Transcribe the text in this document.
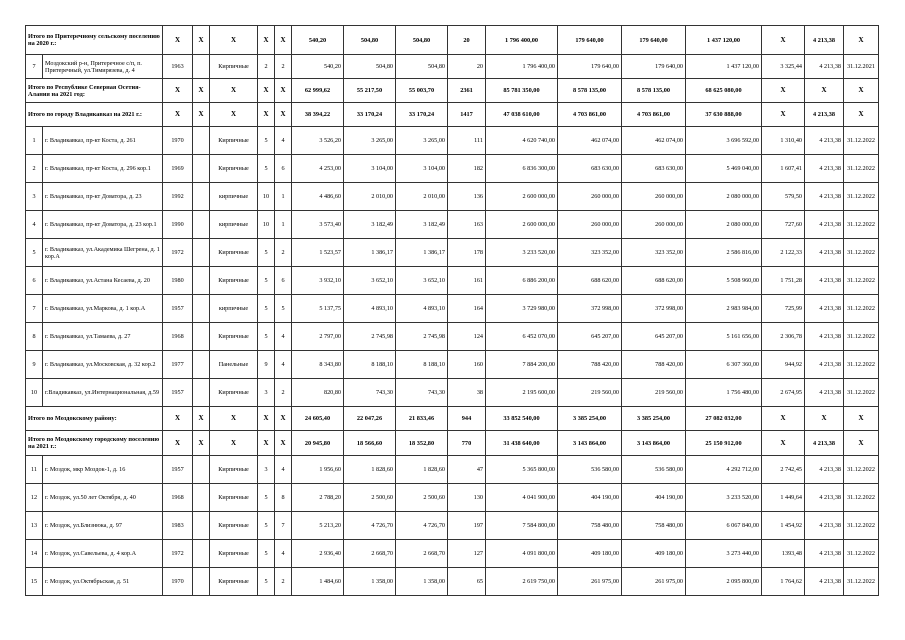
Итого по Притеречному сельскому поселению на 2020 г.:		X	X	X	X	X	540,20	504,80	504,80	20	1 796 400,00	179 640,00	179 640,00	1 437 120,00	X	4 213,38	X
7	Моздокский р-н, Притеречное с/п, п. Притеречный, ул.Тимирязева, д. 4	1963		Кирпичные	2	2	540,20	504,80	504,80	20	1 796 400,00	179 640,00	179 640,00	1 437 120,00	3 325,44	4 213,38	31.12.2021
Итого по Республике Северная Осетия-Алания на 2021 год:		X	X	X	X	X	62 999,62	55 217,50	55 003,70	2361	85 781 350,00	8 578 135,00	8 578 135,00	68 625 080,00	X	X	X
Итого по городу Владикавказ на 2021 г.:		X	X	X	X	X	38 394,22	33 170,24	33 170,24	1417	47 038 610,00	4 703 861,00	4 703 861,00	37 630 888,00	X	4 213,38	X
1	г. Владикавказ, пр-кт Коста, д. 261	1970		Кирпичные	5	4	3 526,20	3 265,00	3 265,00	111	4 620 740,00	462 074,00	462 074,00	3 696 592,00	1 310,40	4 213,38	31.12.2022
2	г. Владикавказ, пр-кт Коста, д. 296 кор.1	1969		Кирпичные	5	6	4 253,00	3 104,00	3 104,00	182	6 836 300,00	683 630,00	683 630,00	5 469 040,00	1 607,41	4 213,38	31.12.2022
3	г. Владикавказ, пр-кт Доватора, д. 23	1992		кирпичные	10	1	4 486,60	2 010,00	2 010,00	136	2 600 000,00	260 000,00	260 000,00	2 080 000,00	579,50	4 213,38	31.12.2022
4	г. Владикавказ, пр-кт Доватора, д. 23 кор.1	1990		кирпичные	10	1	3 573,40	3 182,49	3 182,49	163	2 600 000,00	260 000,00	260 000,00	2 080 000,00	727,60	4 213,38	31.12.2022
5	г. Владикавказ, ул.Академика Шегрена, д. 1 кор.А	1972		Кирпичные	5	2	1 523,57	1 386,17	1 386,17	178	3 233 520,00	323 352,00	323 352,00	2 586 816,00	2 122,33	4 213,38	31.12.2022
6	г. Владикавказ, ул.Астана Кесаева, д. 20	1980		Кирпичные	5	6	3 932,10	3 652,10	3 652,10	161	6 886 200,00	688 620,00	688 620,00	5 508 960,00	1 751,28	4 213,38	31.12.2022
7	г. Владикавказ, ул.Маркова, д. 1 кор.А	1957		кирпичные	5	5	5 137,75	4 893,10	4 893,10	164	3 729 980,00	372 998,00	372 998,00	2 983 984,00	725,99	4 213,38	31.12.2022
8	г. Владикавказ, ул.Тамаева, д. 27	1968		Кирпичные	5	4	2 797,00	2 745,98	2 745,98	124	6 452 070,00	645 207,00	645 207,00	5 161 656,00	2 306,78	4 213,38	31.12.2022
9	г. Владикавказ, ул.Московская, д. 32 кор.2	1977		Панельные	9	4	8 343,80	8 188,10	8 188,10	160	7 884 200,00	788 420,00	788 420,00	6 307 360,00	944,92	4 213,38	31.12.2022
10	г.Владикавказ, ул.Интернациональная, д.59	1957		Кирпичные	3	2	820,80	743,30	743,30	38	2 195 600,00	219 560,00	219 560,00	1 756 480,00	2 674,95	4 213,38	31.12.2022
Итого по Моздокскому району:		X	X	X	X	X	24 605,40	22 047,26	21 833,46	944	33 852 540,00	3 385 254,00	3 385 254,00	27 082 032,00	X	X	X
Итого по Моздокскому городскому поселению на 2021 г.:		X	X	X	X	X	20 945,80	18 566,60	18 352,80	770	31 438 640,00	3 143 864,00	3 143 864,00	25 150 912,00	X	4 213,38	X
11	г. Моздок, мкр Моздок-1, д. 16	1957		Кирпичные	3	4	1 956,60	1 828,60	1 828,60	47	5 365 800,00	536 580,00	536 580,00	4 292 712,00	2 742,45	4 213,38	31.12.2022
12	г. Моздок, ул.50 лет Октября, д. 40	1968		Кирпичные	5	8	2 788,20	2 500,60	2 500,60	130	4 041 900,00	404 190,00	404 190,00	3 233 520,00	1 449,64	4 213,38	31.12.2022
13	г. Моздок, ул.Близнюка, д. 97	1983		Кирпичные	5	7	5 213,20	4 726,70	4 726,70	197	7 584 800,00	758 480,00	758 480,00	6 067 840,00	1 454,92	4 213,38	31.12.2022
14	г. Моздок, ул.Савельева, д. 4 кор.А	1972		Кирпичные	5	4	2 936,40	2 668,70	2 668,70	127	4 091 800,00	409 180,00	409 180,00	3 273 440,00	1393,48	4 213,38	31.12.2022
15	г. Моздок, ул.Октябрьская, д. 51	1970		Кирпичные	5	2	1 484,60	1 358,00	1 358,00	65	2 619 750,00	261 975,00	261 975,00	2 095 800,00	1 764,62	4 213,38	31.12.2022
